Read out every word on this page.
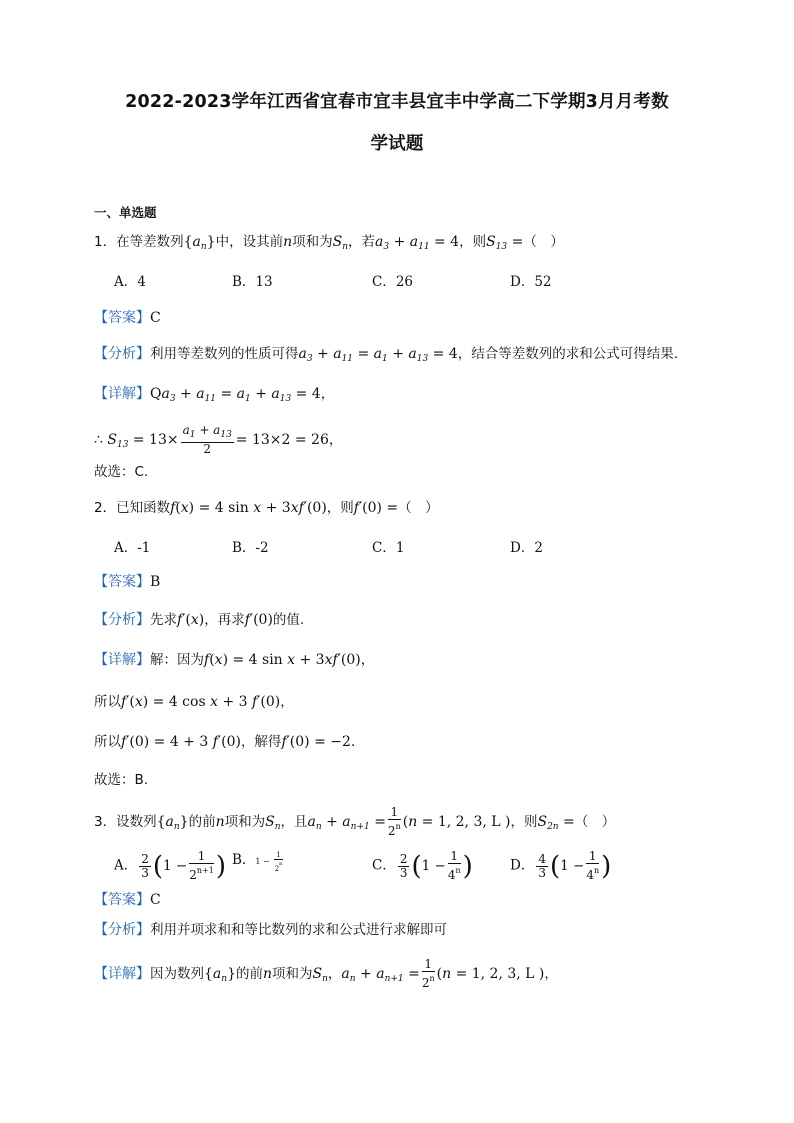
2022-2023学年江西省宜春市宜丰县宜丰中学高二下学期3月月考数
学试题
一、单选题
1．在等差数列$\{a_n\}$中，设其前n项和为$S_n$，若$a_3 + a_{11} = 4$，则$S_{13}$ =（　）
A．4	B．13	C．26	D．52
【答案】C
【分析】利用等差数列的性质可得$a_3 + a_{11} = a_1 + a_{13} = 4$，结合等差数列的求和公式可得结果.
【详解】$Qa_3 + a_{11} = a_1 + a_{13} = 4$，
∴ $S_{13} = 13\times \frac{a_1 + a_{13}}{2} = 13\times 2 = 26$，
故选：C.
2．已知函数f(x) = 4 sin x + 3xf′(0)，则f′(0) =（　）
A．-1	B．-2	C．1	D．2
【答案】B
【分析】先求f′(x)，再求f′(0)的值.
【详解】解：因为f(x) = 4 sin x + 3xf′(0)，
所以f′(x) = 4 cos x + 3 f′(0)，
所以f′(0) = 4 + 3 f′(0)，解得f′(0) = −2.
故选：B.
3．设数列$\{a_n\}$的前n项和为$S_n$，且$a_n + a_{n+1} = \frac{1}{2^n} (n = 1$, 2, 3, L )，则$S_{2n}$ =（　）
A． $\frac{2}{3} (1 - \frac{1}{2^{n+1}}$ ) B．$1 - \frac{1}{2^n}$	C． $\frac{2}{3} (1 - \frac{1}{4^n}$ )	D． $\frac{4}{3} (1 - \frac{1}{4^n}$ )
【答案】C
【分析】利用并项求和和等比数列的求和公式进行求解即可
【详解】因为数列$\{a_n\}$的前n项和为$S_n$，$a_n + a_{n+1} = \frac{1}{2^n} (n = 1$, 2, 3, L )，
